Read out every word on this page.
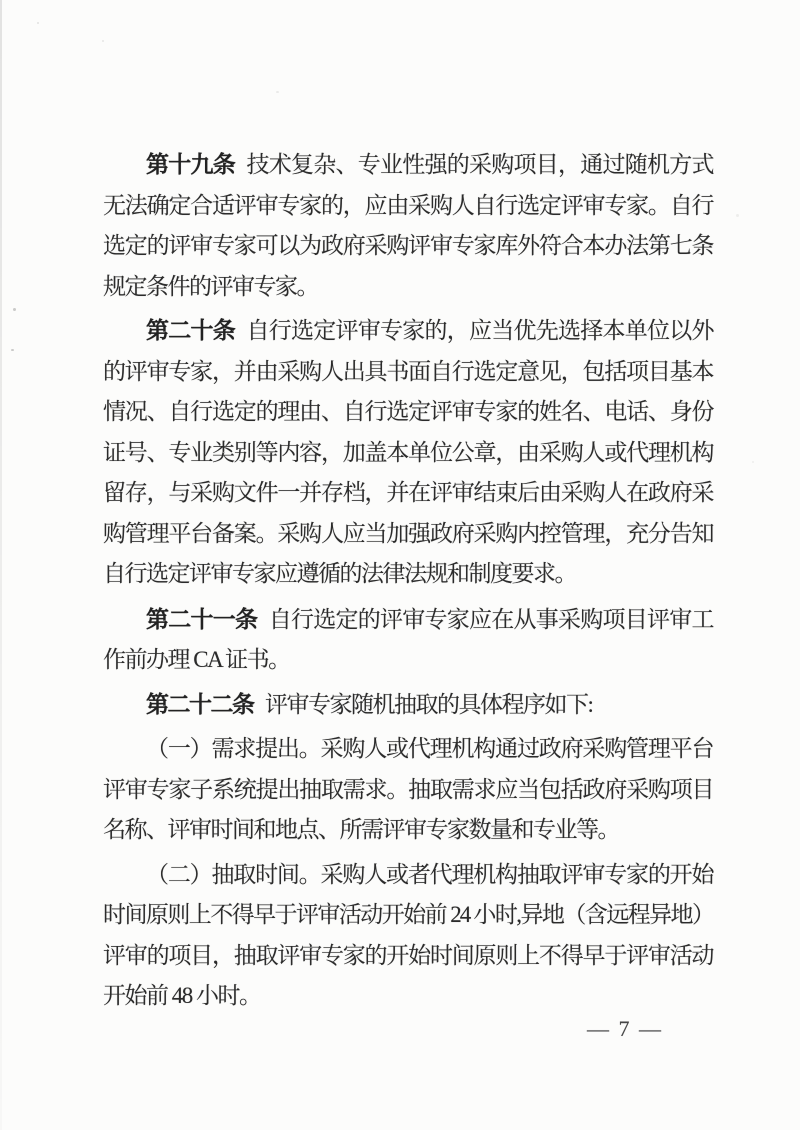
第十九条 技术复杂、专业性强的采购项目，通过随机方式
无法确定合适评审专家的，应由采购人自行选定评审专家。自行
选定的评审专家可以为政府采购评审专家库外符合本办法第七条
规定条件的评审专家。

第二十条 自行选定评审专家的，应当优先选择本单位以外
的评审专家，并由采购人出具书面自行选定意见，包括项目基本
情况、自行选定的理由、自行选定评审专家的姓名、电话、身份
证号、专业类别等内容，加盖本单位公章，由采购人或代理机构
留存，与采购文件一并存档，并在评审结束后由采购人在政府采
购管理平台备案。采购人应当加强政府采购内控管理，充分告知
自行选定评审专家应遵循的法律法规和制度要求。

第二十一条 自行选定的评审专家应在从事采购项目评审工
作前办理 CA 证书。

第二十二条 评审专家随机抽取的具体程序如下:

（一）需求提出。采购人或代理机构通过政府采购管理平台
评审专家子系统提出抽取需求。抽取需求应当包括政府采购项目
名称、评审时间和地点、所需评审专家数量和专业等。

（二）抽取时间。采购人或者代理机构抽取评审专家的开始
时间原则上不得早于评审活动开始前 24 小时,异地（含远程异地）
评审的项目，抽取评审专家的开始时间原则上不得早于评审活动
开始前 48 小时。

— 7 —
